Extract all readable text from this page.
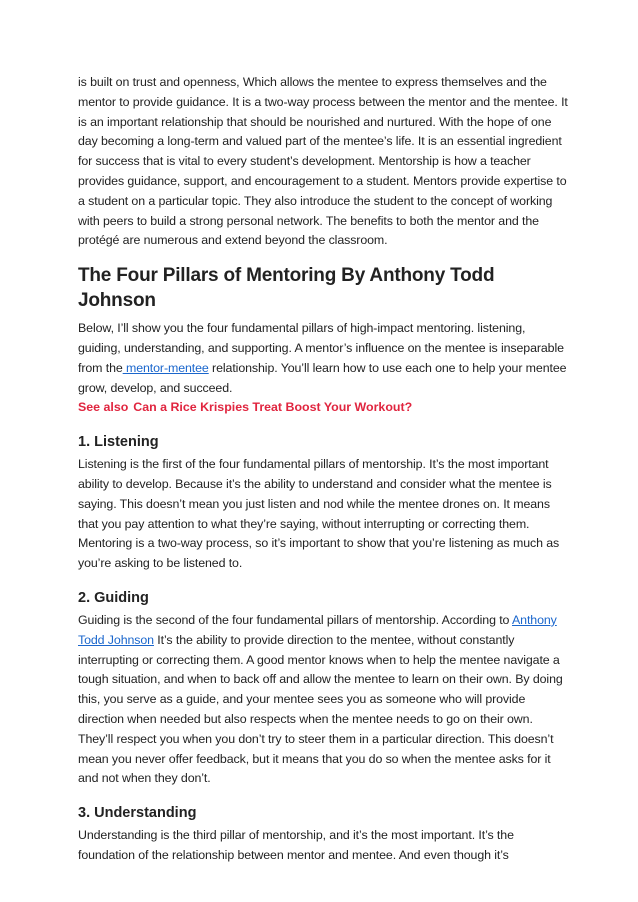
is built on trust and openness, Which allows the mentee to express themselves and the mentor to provide guidance. It is a two-way process between the mentor and the mentee. It is an important relationship that should be nourished and nurtured. With the hope of one day becoming a long-term and valued part of the mentee’s life. It is an essential ingredient for success that is vital to every student’s development. Mentorship is how a teacher provides guidance, support, and encouragement to a student. Mentors provide expertise to a student on a particular topic. They also introduce the student to the concept of working with peers to build a strong personal network. The benefits to both the mentor and the protégé are numerous and extend beyond the classroom.

The Four Pillars of Mentoring By Anthony Todd Johnson

Below, I’ll show you the four fundamental pillars of high-impact mentoring. listening, guiding, understanding, and supporting. A mentor’s influence on the mentee is inseparable from the mentor-mentee relationship. You’ll learn how to use each one to help your mentee grow, develop, and succeed.

See also Can a Rice Krispies Treat Boost Your Workout?
1. Listening

Listening is the first of the four fundamental pillars of mentorship. It’s the most important ability to develop. Because it’s the ability to understand and consider what the mentee is saying. This doesn’t mean you just listen and nod while the mentee drones on. It means that you pay attention to what they’re saying, without interrupting or correcting them. Mentoring is a two-way process, so it’s important to show that you’re listening as much as you’re asking to be listened to.

2. Guiding

Guiding is the second of the four fundamental pillars of mentorship. According to Anthony Todd Johnson It’s the ability to provide direction to the mentee, without constantly interrupting or correcting them. A good mentor knows when to help the mentee navigate a tough situation, and when to back off and allow the mentee to learn on their own. By doing this, you serve as a guide, and your mentee sees you as someone who will provide direction when needed but also respects when the mentee needs to go on their own. They’ll respect you when you don’t try to steer them in a particular direction. This doesn’t mean you never offer feedback, but it means that you do so when the mentee asks for it and not when they don’t.

3. Understanding

Understanding is the third pillar of mentorship, and it’s the most important. It’s the foundation of the relationship between mentor and mentee. And even though it’s
